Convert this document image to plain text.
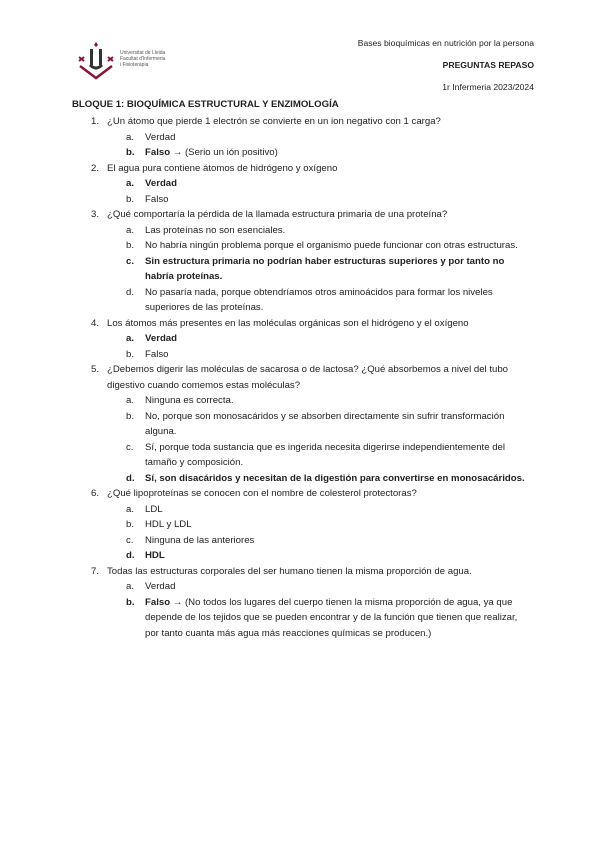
Universitat de Lleida
Facultat d'Infermeria
i Fisioteràpia
Bases bioquímicas en nutrición por la persona
PREGUNTAS REPASO
1r Infermeria 2023/2024
BLOQUE 1: BIOQUÍMICA ESTRUCTURAL Y ENZIMOLOGÍA
1. ¿Un átomo que pierde 1 electrón se convierte en un ion negativo con 1 carga?
a. Verdad
b. Falso → (Serio un ión positivo)
2. El agua pura contiene átomos de hidrógeno y oxígeno
a. Verdad
b. Falso
3. ¿Qué comportaría la pérdida de la llamada estructura primaria de una proteína?
a. Las proteínas no son esenciales.
b. No habría ningún problema porque el organismo puede funcionar con otras estructuras.
c. Sin estructura primaria no podrían haber estructuras superiores y por tanto no habría proteínas.
d. No pasaría nada, porque obtendríamos otros aminoácidos para formar los niveles superiores de las proteínas.
4. Los átomos más presentes en las moléculas orgánicas son el hidrógeno y el oxígeno
a. Verdad
b. Falso
5. ¿Debemos digerir las moléculas de sacarosa o de lactosa? ¿Qué absorbemos a nivel del tubo digestivo cuando comemos estas moléculas?
a. Ninguna es correcta.
b. No, porque son monosacáridos y se absorben directamente sin sufrir transformación alguna.
c. Sí, porque toda sustancia que es ingerida necesita digerirse independientemente del tamaño y composición.
d. Sí, son disacáridos y necesitan de la digestión para convertirse en monosacáridos.
6. ¿Qué lipoproteínas se conocen con el nombre de colesterol protectoras?
a. LDL
b. HDL y LDL
c. Ninguna de las anteriores
d. HDL
7. Todas las estructuras corporales del ser humano tienen la misma proporción de agua.
a. Verdad
b. Falso → (No todos los lugares del cuerpo tienen la misma proporción de agua, ya que depende de los tejidos que se pueden encontrar y de la función que tienen que realizar, por tanto cuanta más agua más reacciones químicas se producen.)
